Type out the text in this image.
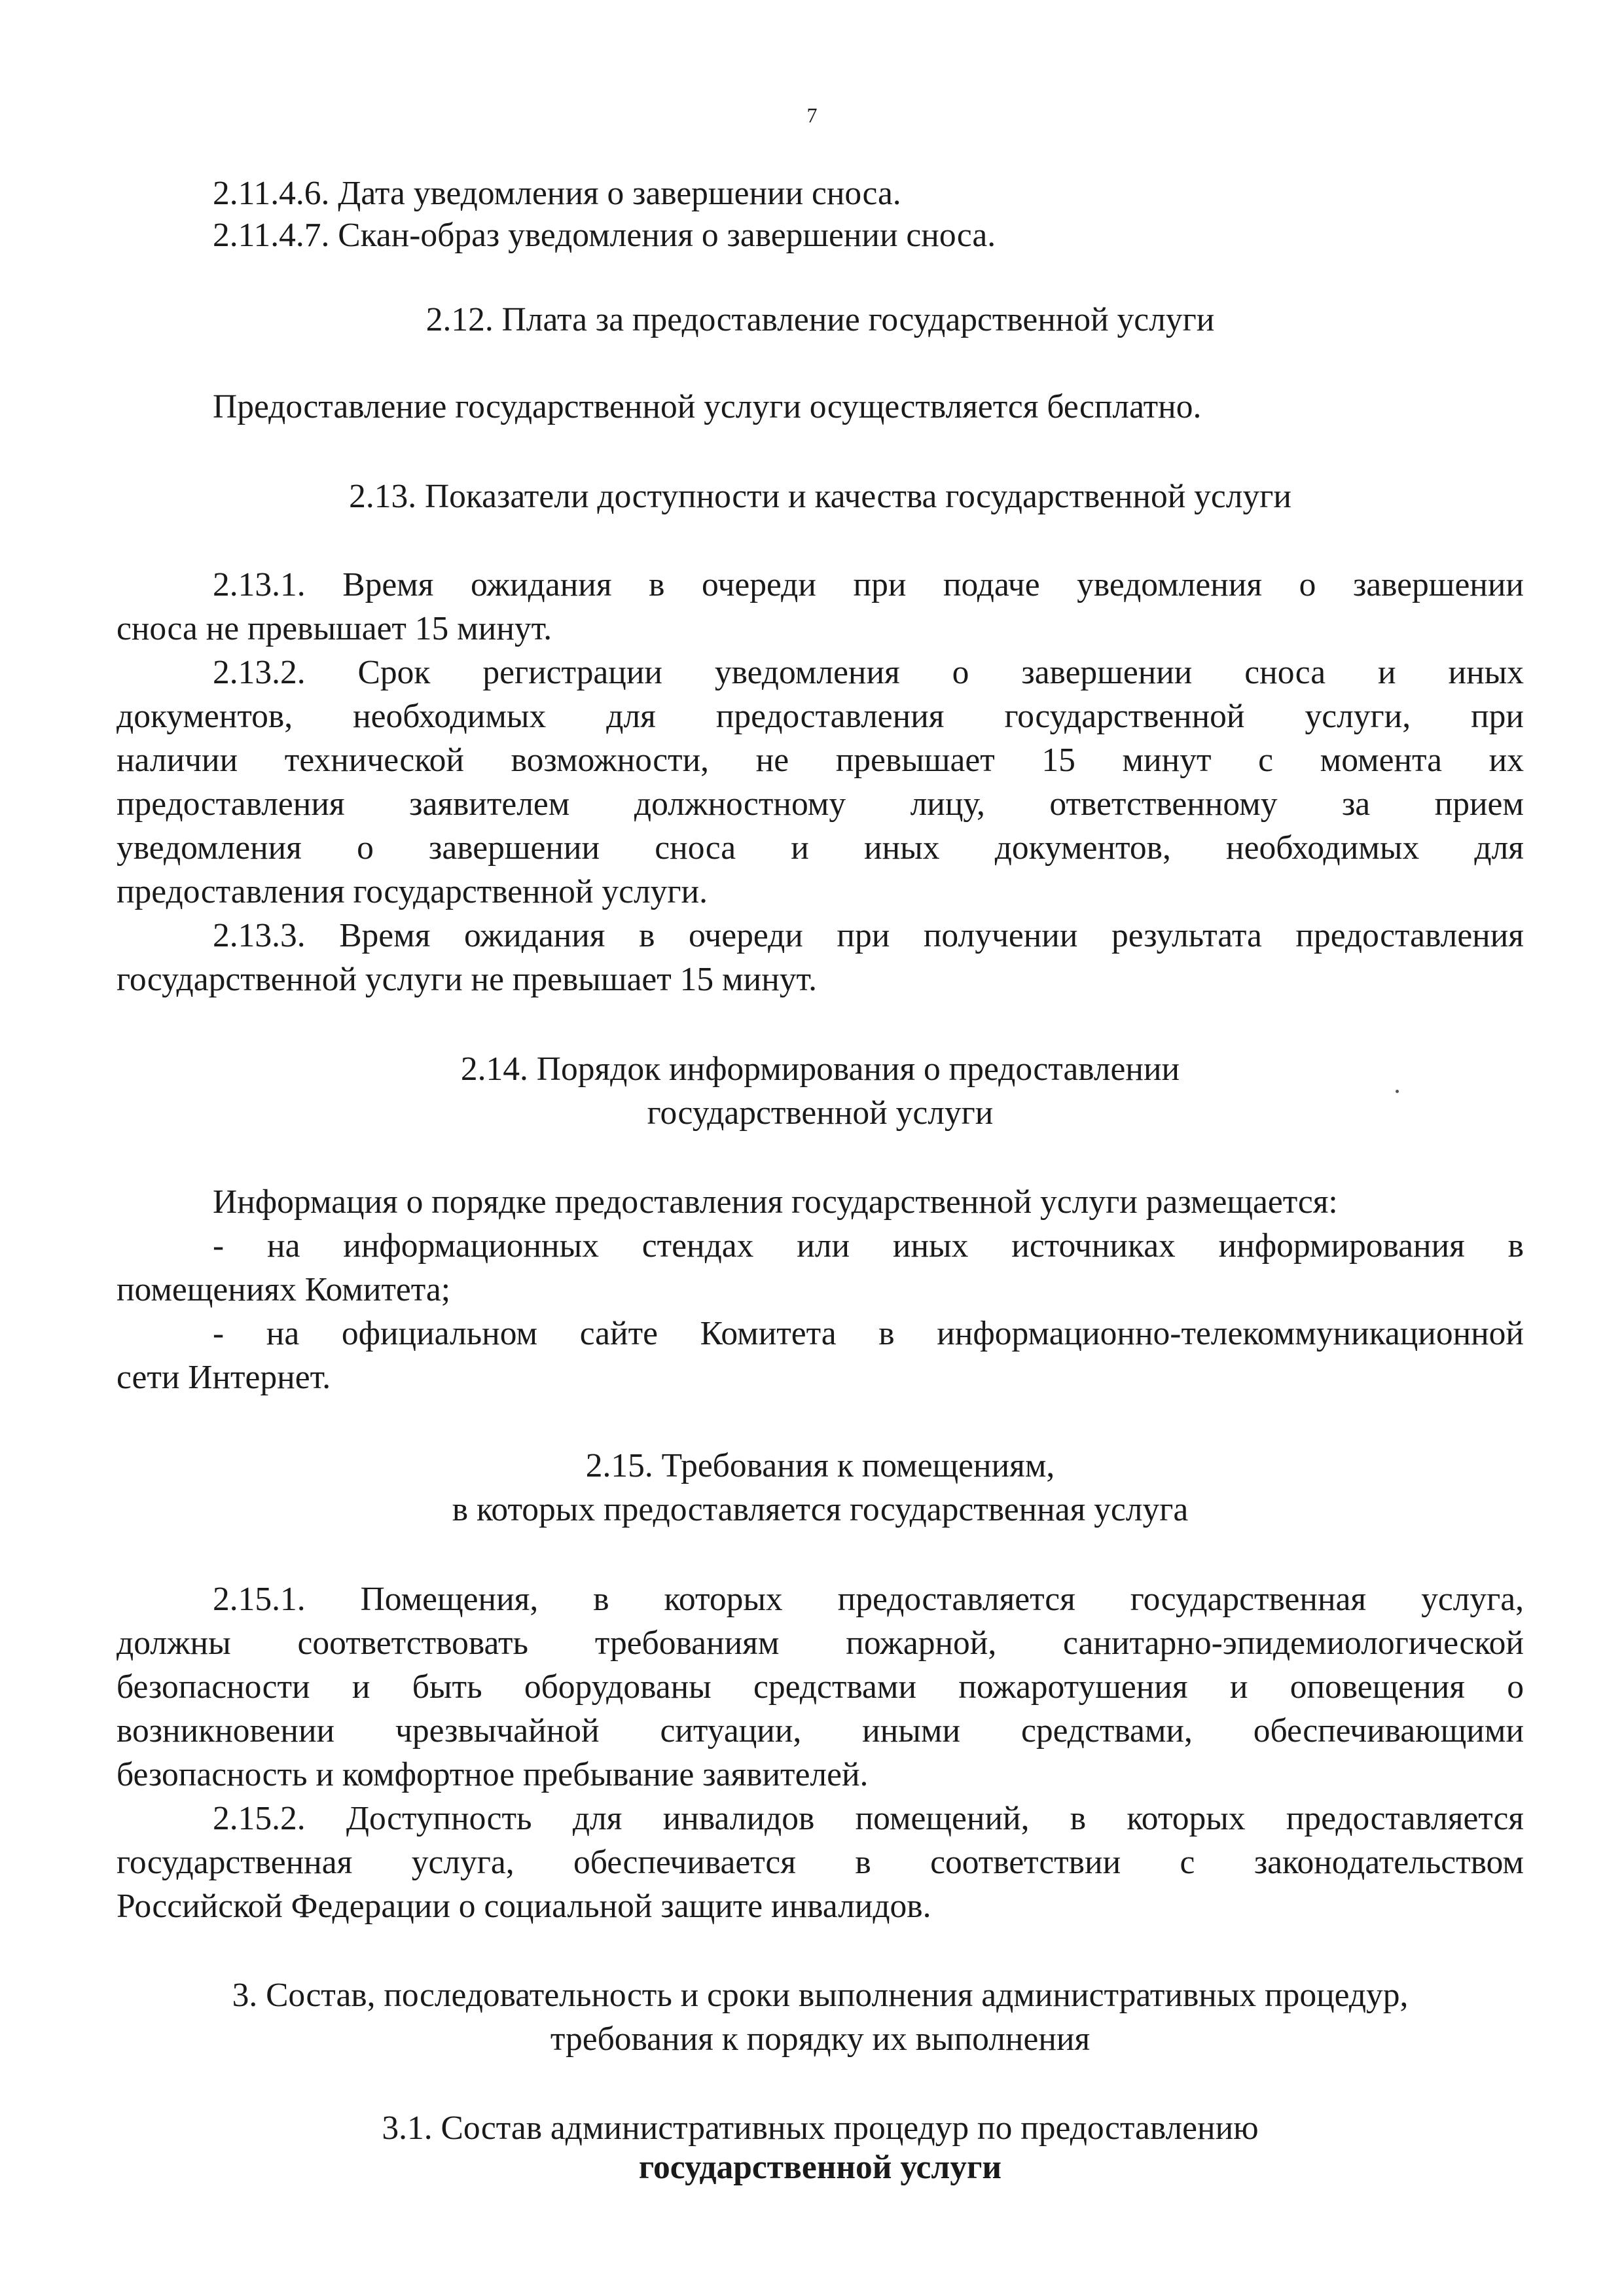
7
2.11.4.6. Дата уведомления о завершении сноса.
2.11.4.7. Скан-образ уведомления о завершении сноса.
2.12. Плата за предоставление государственной услуги
Предоставление государственной услуги осуществляется бесплатно.
2.13. Показатели доступности и качества государственной услуги
2.13.1. Время ожидания в очереди при подаче уведомления о завершении
сноса не превышает 15 минут.
2.13.2. Срок регистрации уведомления о завершении сноса и иных
документов, необходимых для предоставления государственной услуги, при
наличии технической возможности, не превышает 15 минут с момента их
предоставления заявителем должностному лицу, ответственному за прием
уведомления о завершении сноса и иных документов, необходимых для
предоставления государственной услуги.
2.13.3. Время ожидания в очереди при получении результата предоставления
государственной услуги не превышает 15 минут.
2.14. Порядок информирования о предоставлении
государственной услуги
Информация о порядке предоставления государственной услуги размещается:
- на информационных стендах или иных источниках информирования в
помещениях Комитета;
- на официальном сайте Комитета в информационно-телекоммуникационной
сети Интернет.
2.15. Требования к помещениям,
в которых предоставляется государственная услуга
2.15.1. Помещения, в которых предоставляется государственная услуга,
должны соответствовать требованиям пожарной, санитарно-эпидемиологической
безопасности и быть оборудованы средствами пожаротушения и оповещения о
возникновении чрезвычайной ситуации, иными средствами, обеспечивающими
безопасность и комфортное пребывание заявителей.
2.15.2. Доступность для инвалидов помещений, в которых предоставляется
государственная услуга, обеспечивается в соответствии с законодательством
Российской Федерации о социальной защите инвалидов.
3. Состав, последовательность и сроки выполнения административных процедур,
требования к порядку их выполнения
3.1. Состав административных процедур по предоставлению
государственной услуги
